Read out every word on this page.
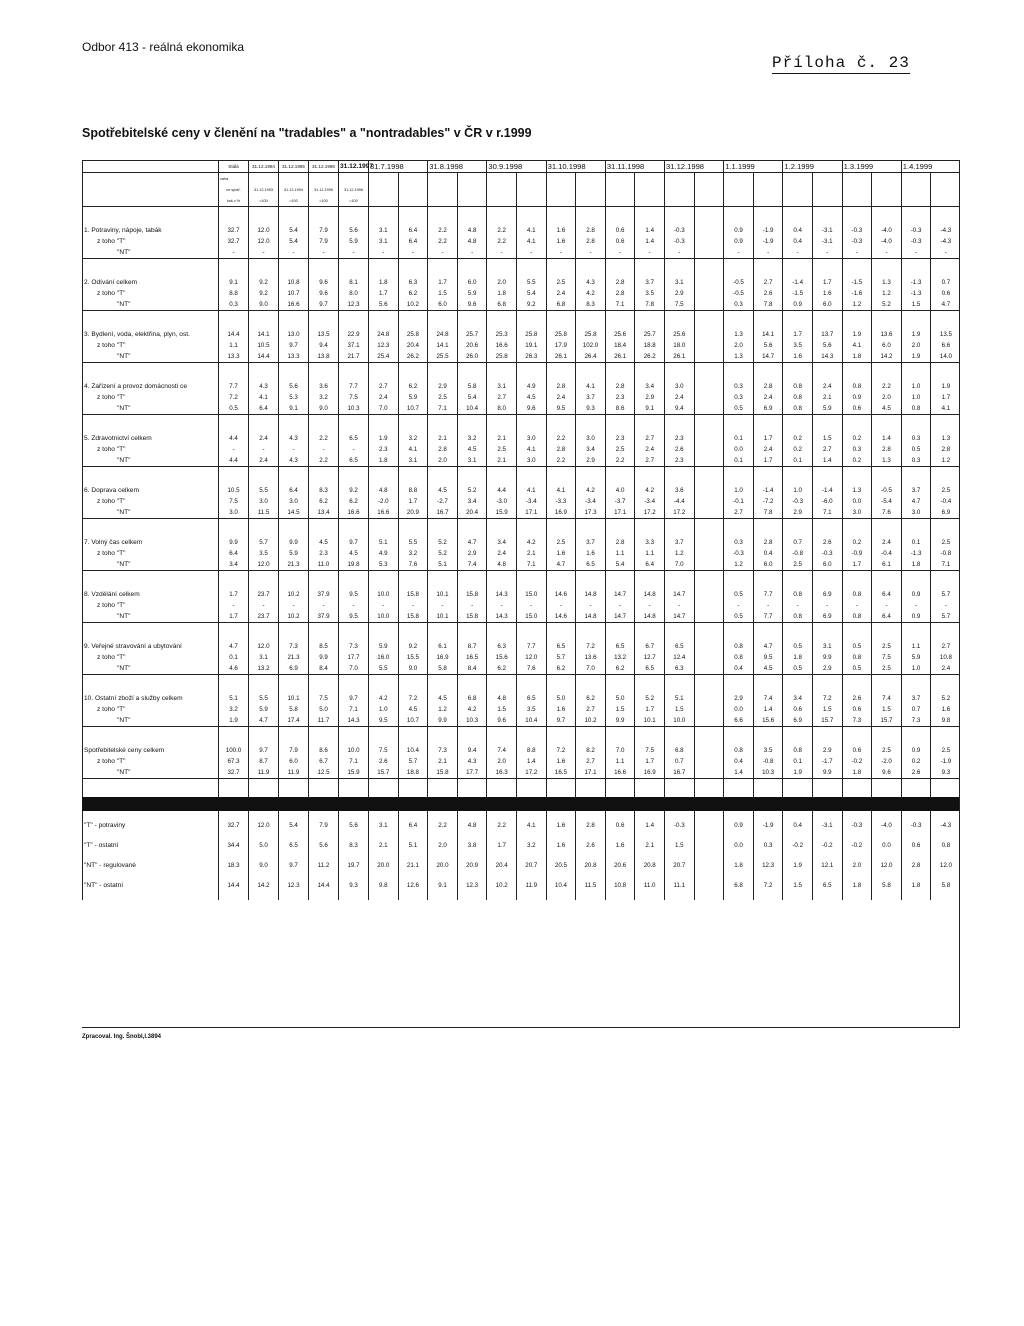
Odbor 413 - reálná ekonomika
Příloha č. 23
Spotřebitelské ceny v členění na "tradables" a "nontradables" v ČR v r.1999
	Stálá	31.12.1994	31.12.1995	31.12.1996	31.12.1997	31.7.1998		31.8.1998		30.9.1998		31.10.1998		31.11.1998		31.12.1998		1.1.1999		1.2.1999		1.3.1999		1.4.1999	
	váha																								
	ve spotř.	31.12.1993	31.12.1994	31.12.1995	31.12.1996																				
	koš v %	=100	=100	=100	=100																				

1. Potraviny, nápoje, tabák	32.7	12.0	5.4	7.9	5.6	3.1	6.4	2.2	4.8	2.2	4.1	1.6	2.8	0.6	1.4	-0.3		0.9	-1.9	0.4	-3.1	-0.3	-4.0	-0.3	-4.3
z toho "T"	32.7	12.0	5.4	7.9	5.9	3.1	6.4	2.2	4.8	2.2	4.1	1.6	2.8	0.6	1.4	-0.3		0.9	-1.9	0.4	-3.1	-0.3	-4.0	-0.3	-4.3
"NT"	-	-	-	-	-	-	-	-	-	-	-	-	-	-	-	-		-	-	-	-	-	-	-	-

2. Odívání celkem	9.1	9.2	10.8	9.6	8.1	1.8	6.3	1.7	6.0	2.0	5.5	2.5	4.3	2.8	3.7	3.1		-0.5	2.7	-1.4	1.7	-1.5	1.3	-1.3	0.7
z toho "T"	8.8	9.2	10.7	9.6	8.0	1.7	6.2	1.5	5.9	1.8	5.4	2.4	4.2	2.8	3.5	2.9		-0.5	2.6	-1.5	1.6	-1.6	1.2	-1.3	0.6
"NT"	0.3	9.0	16.6	9.7	12.3	5.6	10.2	6.0	9.6	6.8	9.2	6.8	8.3	7.1	7.8	7.5		0.3	7.8	0.9	6.0	1.2	5.2	1.5	4.7

3. Bydlení, voda, elektřina, plyn, ost.	14.4	14.1	13.0	13.5	22.9	24.8	25.8	24.8	25.7	25.3	25.8	25.8	25.8	25.6	25.7	25.6		1.3	14.1	1.7	13.7	1.9	13.6	1.9	13.5
z toho "T"	1.1	10.5	9.7	9.4	37.1	12.3	20.4	14.1	20.6	16.6	19.1	17.9	102.0	18.4	18.8	18.0		2.0	5.6	3.5	5.6	4.1	6.0	2.0	6.6
"NT"	13.3	14.4	13.3	13.8	21.7	25.4	26.2	25.5	26.0	25.8	26.3	26.1	26.4	26.1	26.2	26.1		1.3	14.7	1.6	14.3	1.8	14.2	1.9	14.0

4. Zařízení a provoz domácnosti ce	7.7	4.3	5.6	3.6	7.7	2.7	6.2	2.9	5.8	3.1	4.9	2.8	4.1	2.8	3.4	3.0		0.3	2.8	0.8	2.4	0.8	2.2	1.0	1.9
z toho "T"	7.2	4.1	5.3	3.2	7.5	2.4	5.9	2.5	5.4	2.7	4.5	2.4	3.7	2.3	2.9	2.4		0.3	2.4	0.8	2.1	0.9	2.0	1.0	1.7
"NT"	0.5	6.4	9.1	9.0	10.3	7.0	10.7	7.1	10.4	8.0	9.6	9.5	9.3	8.6	9.1	9.4		0.5	6.9	0.8	5.9	0.6	4.5	0.8	4.1

5. Zdravotnictví celkem	4.4	2.4	4.3	2.2	6.5	1.9	3.2	2.1	3.2	2.1	3.0	2.2	3.0	2.3	2.7	2.3		0.1	1.7	0.2	1.5	0.2	1.4	0.3	1.3
z toho "T"	-	-	-	-	-	2.3	4.1	2.8	4.5	2.5	4.1	2.8	3.4	2.5	2.4	2.6		0.0	2.4	0.2	2.7	0.3	2.8	0.5	2.8
"NT"	4.4	2.4	4.3	2.2	6.5	1.8	3.1	2.0	3.1	2.1	3.0	2.2	2.9	2.2	2.7	2.3		0.1	1.7	0.1	1.4	0.2	1.3	0.3	1.2

6. Doprava celkem	10.5	5.5	6.4	8.3	9.2	4.8	8.8	4.5	5.2	4.4	4.1	4.1	4.2	4.0	4.2	3.6		1.0	-1.4	1.0	-1.4	1.3	-0.5	3.7	2.5
z toho "T"	7.5	3.0	3.0	6.2	6.2	-2.0	1.7	-2.7	3.4	-3.0	-3.4	-3.3	-3.4	-3.7	-3.4	-4.4		-0.1	-7.2	-0.3	-6.0	0.0	-5.4	4.7	-0.4
"NT"	3.0	11.5	14.5	13.4	16.6	16.6	20.9	16.7	20.4	15.9	17.1	16.9	17.3	17.1	17.2	17.2		2.7	7.8	2.9	7.1	3.0	7.6	3.0	6.9

7. Volný čas celkem	9.9	5.7	9.9	4.5	9.7	5.1	5.5	5.2	4.7	3.4	4.2	2.5	3.7	2.8	3.3	3.7		0.3	2.8	0.7	2.6	0.2	2.4	0.1	2.5
z toho "T"	6.4	3.5	5.9	2.3	4.5	4.9	3.2	5.2	2.9	2.4	2.1	1.6	1.6	1.1	1.1	1.2		-0.3	0.4	-0.8	-0.3	-0.9	-0.4	-1.3	-0.8
"NT"	3.4	12.0	21.3	11.0	19.8	5.3	7.6	5.1	7.4	4.8	7.1	4.7	6.5	5.4	6.4	7.0		1.2	6.0	2.5	6.0	1.7	6.1	1.8	7.1

8. Vzdělání celkem	1.7	23.7	10.2	37.9	9.5	10.0	15.8	10.1	15.8	14.3	15.0	14.6	14.8	14.7	14.8	14.7		0.5	7.7	0.8	6.9	0.8	6.4	0.9	5.7
z toho "T"	-	-	-	-	-	-	-	-	-	-	-	-	-	-	-	-		-	-	-	-	-	-	-	-
"NT"	1.7	23.7	10.2	37.9	9.5	10.0	15.8	10.1	15.8	14.3	15.0	14.6	14.8	14.7	14.8	14.7		0.5	7.7	0.8	6.9	0.8	6.4	0.9	5.7

9. Veřejné stravování a ubytování	4.7	12.0	7.3	8.5	7.3	5.9	9.2	6.1	8.7	6.3	7.7	6.5	7.2	6.5	6.7	6.5		0.8	4.7	0.5	3.1	0.5	2.5	1.1	2.7
z toho "T"	0.1	3.1	21.3	9.9	17.7	16.0	15.5	16.9	16.5	15.6	12.0	5.7	13.6	13.2	12.7	12.4		0.8	9.5	1.8	9.9	0.8	7.5	5.9	10.8
"NT"	4.6	13.2	6.9	8.4	7.0	5.5	9.0	5.8	8.4	6.2	7.6	6.2	7.0	6.2	6.5	6.3		0.4	4.5	0.5	2.9	0.5	2.5	1.0	2.4

10. Ostatní zboží a služby celkem	5.1	5.5	10.1	7.5	9.7	4.2	7.2	4.5	6.8	4.8	6.5	5.0	6.2	5.0	5.2	5.1		2.9	7.4	3.4	7.2	2.6	7.4	3.7	5.2
z toho "T"	3.2	5.9	5.8	5.0	7.1	1.0	4.5	1.2	4.2	1.5	3.5	1.6	2.7	1.5	1.7	1.5		0.0	1.4	0.6	1.5	0.6	1.5	0.7	1.6
"NT"	1.9	4.7	17.4	11.7	14.3	9.5	10.7	9.9	10.3	9.6	10.4	9.7	10.2	9.9	10.1	10.0		6.6	15.6	6.9	15.7	7.3	15.7	7.3	9.8

Spotřebitelské ceny celkem	100.0	9.7	7.9	8.6	10.0	7.5	10.4	7.3	9.4	7.4	8.8	7.2	8.2	7.0	7.5	6.8		0.8	3.5	0.8	2.9	0.6	2.5	0.9	2.5
z toho "T"	67.3	8.7	6.0	6.7	7.1	2.6	5.7	2.1	4.3	2.0	1.4	1.6	2.7	1.1	1.7	0.7		0.4	-0.8	0.1	-1.7	-0.2	-2.0	0.2	-1.9
"NT"	32.7	11.9	11.9	12.5	15.9	15.7	18.8	15.8	17.7	16.3	17.2	16.5	17.1	16.6	16.9	16.7		1.4	10.3	1.9	9.9	1.8	9.6	2.6	9.3

"T" - potraviny	32.7	12.0	5.4	7.9	5.6	3.1	6.4	2.2	4.8	2.2	4.1	1.6	2.8	0.6	1.4	-0.3		0.9	-1.9	0.4	-3.1	-0.3	-4.0	-0.3	-4.3

"T" - ostatní	34.4	5.0	6.5	5.6	8.3	2.1	5.1	2.0	3.8	1.7	3.2	1.6	2.6	1.6	2.1	1.5		0.0	0.3	-0.2	-0.2	-0.2	0.0	0.6	0.8

"NT" - regulované	18.3	9.0	9.7	11.2	19.7	20.0	21.1	20.0	20.9	20.4	20.7	20.5	20.8	20.6	20.8	20.7		1.8	12.3	1.9	12.1	2.0	12.0	2.8	12.0

"NT" - ostatní	14.4	14.2	12.3	14.4	9.3	9.8	12.6	9.1	12.3	10.2	11.9	10.4	11.5	10.8	11.0	11.1		6.8	7.2	1.5	6.5	1.8	5.8	1.8	5.8

Zpracoval. Ing. Šnobl,l.3894
